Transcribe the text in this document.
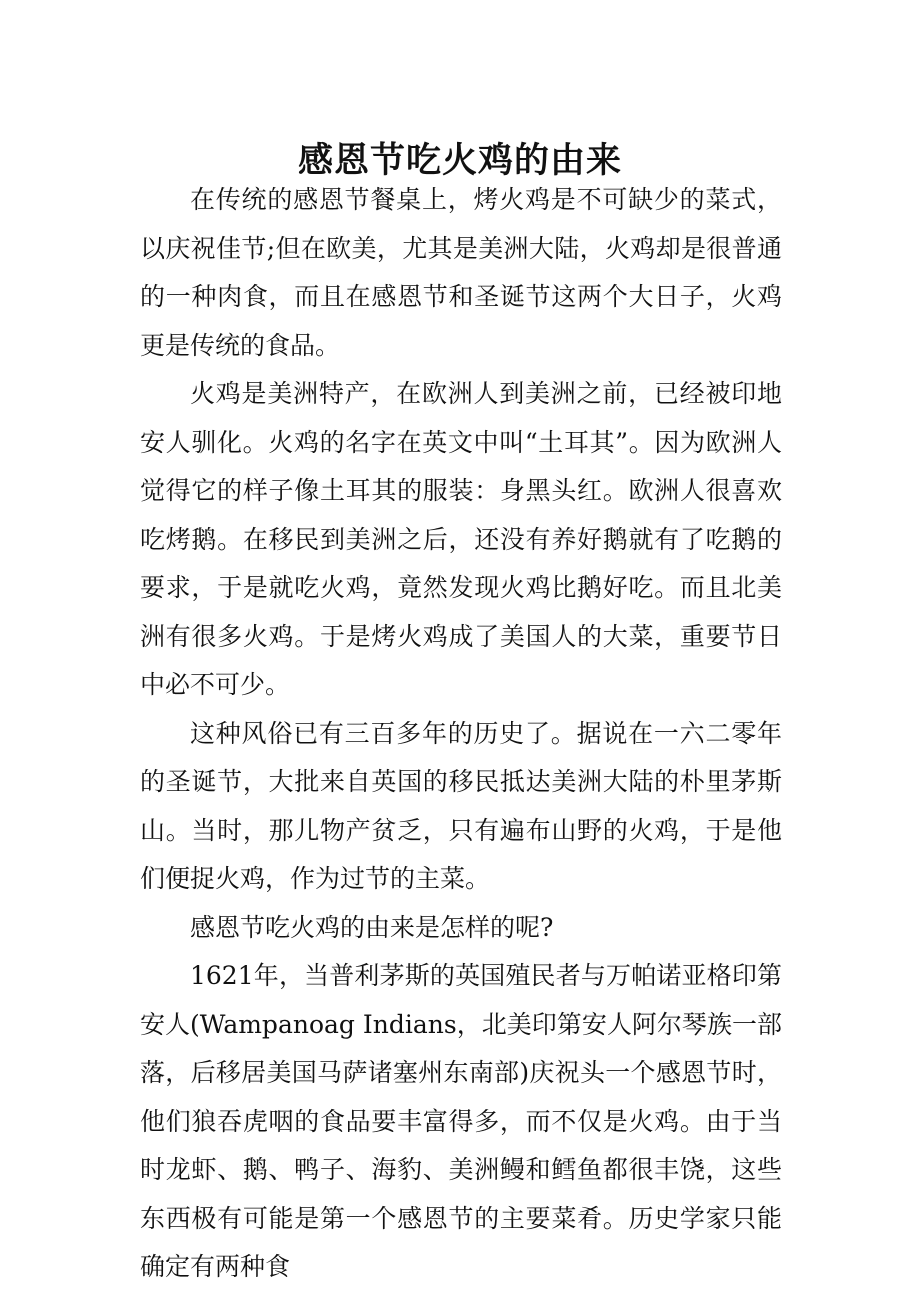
感恩节吃火鸡的由来

在传统的感恩节餐桌上，烤火鸡是不可缺少的菜式，以庆祝佳节;但在欧美，尤其是美洲大陆，火鸡却是很普通的一种肉食，而且在感恩节和圣诞节这两个大日子，火鸡更是传统的食品。

火鸡是美洲特产，在欧洲人到美洲之前，已经被印地安人驯化。火鸡的名字在英文中叫“土耳其”。因为欧洲人觉得它的样子像土耳其的服装：身黑头红。欧洲人很喜欢吃烤鹅。在移民到美洲之后，还没有养好鹅就有了吃鹅的要求，于是就吃火鸡，竟然发现火鸡比鹅好吃。而且北美洲有很多火鸡。于是烤火鸡成了美国人的大菜，重要节日中必不可少。

这种风俗已有三百多年的历史了。据说在一六二零年的圣诞节，大批来自英国的移民抵达美洲大陆的朴里茅斯山。当时，那儿物产贫乏，只有遍布山野的火鸡，于是他们便捉火鸡，作为过节的主菜。

感恩节吃火鸡的由来是怎样的呢?

1621年，当普利茅斯的英国殖民者与万帕诺亚格印第安人(Wampanoag Indians，北美印第安人阿尔琴族一部落，后移居美国马萨诸塞州东南部)庆祝头一个感恩节时，他们狼吞虎咽的食品要丰富得多，而不仅是火鸡。由于当时龙虾、鹅、鸭子、海豹、美洲鳗和鳕鱼都很丰饶，这些东西极有可能是第一个感恩节的主要菜肴。历史学家只能确定有两种食
